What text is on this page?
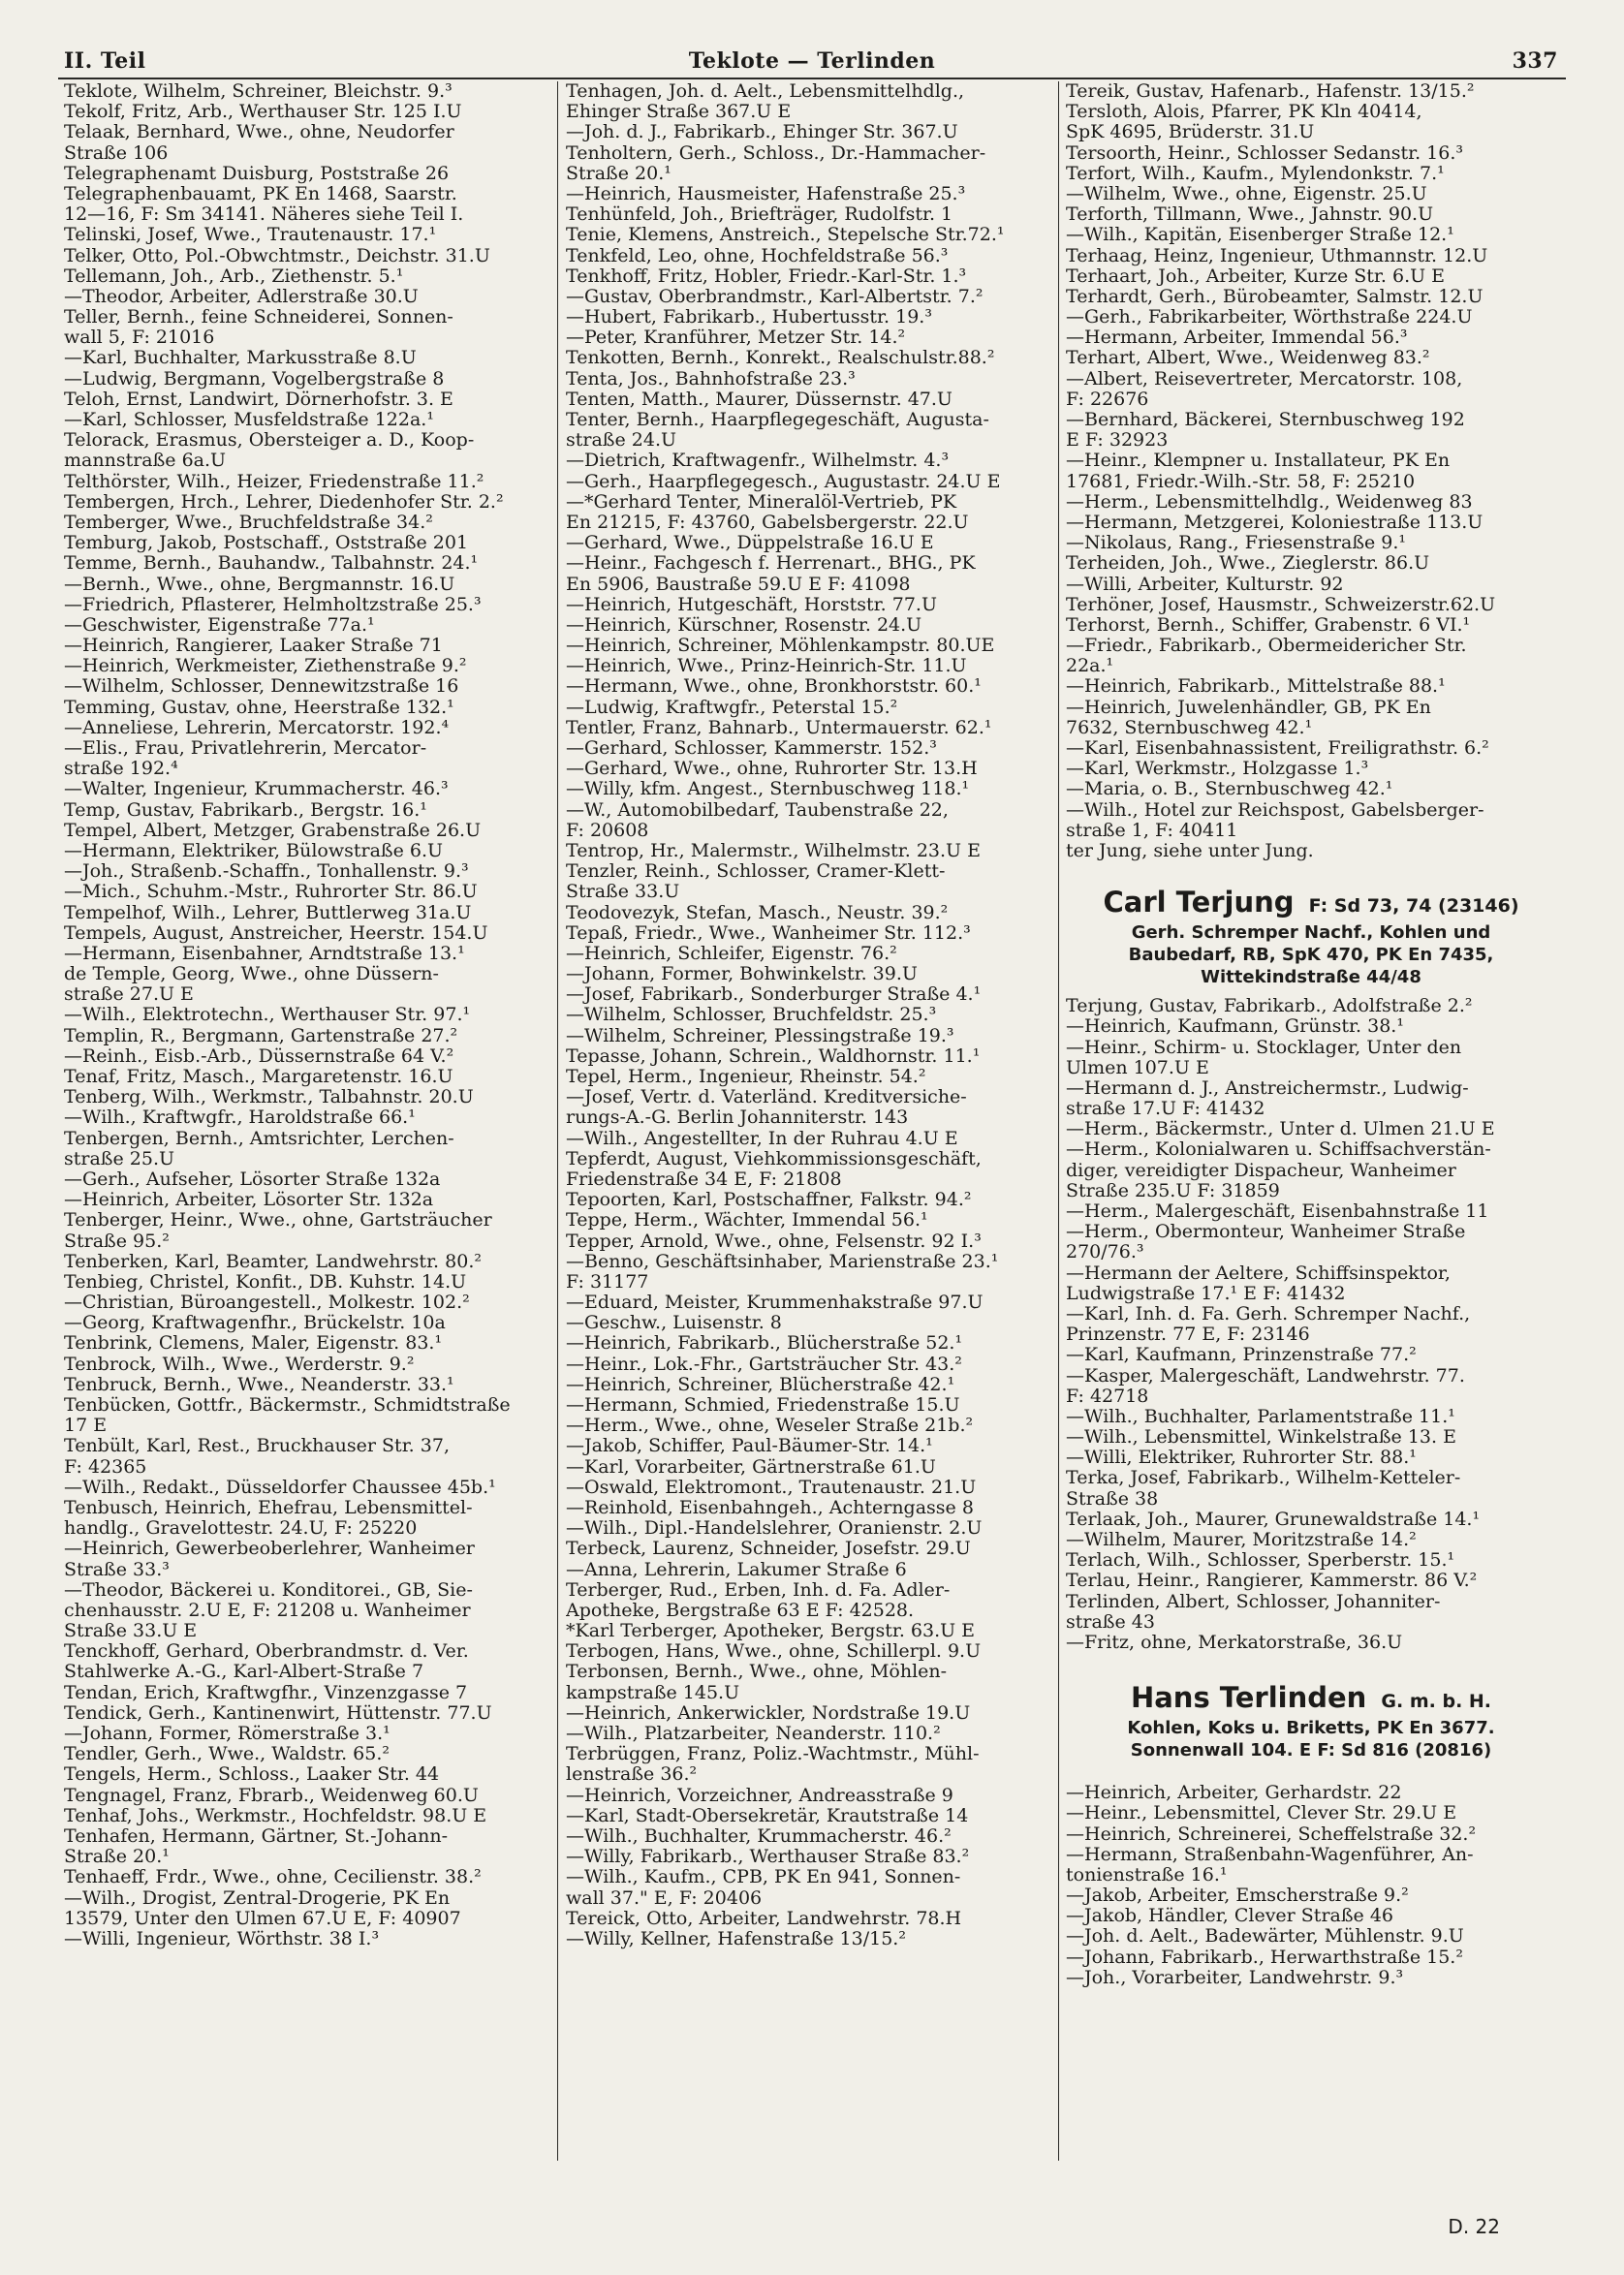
II. Teil	Teklote — Terlinden	337
Teklote, Wilhelm, Schreiner, Bleichstr. 9.³
Tekolf, Fritz, Arb., Werthauser Str. 125 I.U
Telaak, Bernhard, Wwe., ohne, Neudorfer
Straße 106
Telegraphenamt Duisburg, Poststraße 26
Telegraphenbauamt, PK En 1468, Saarstr.
12—16, F: Sm 34141. Näheres siehe Teil I.
Telinski, Josef, Wwe., Trautenaustr. 17.¹
Telker, Otto, Pol.-Obwchtmstr., Deichstr. 31.U
Tellemann, Joh., Arb., Ziethenstr. 5.¹
—Theodor, Arbeiter, Adlerstraße 30.U
Teller, Bernh., feine Schneiderei, Sonnen-
wall 5, F: 21016
—Karl, Buchhalter, Markusstraße 8.U
—Ludwig, Bergmann, Vogelbergstraße 8
Teloh, Ernst, Landwirt, Dörnerhofstr. 3. E
—Karl, Schlosser, Musfeldstraße 122a.¹
Telorack, Erasmus, Obersteiger a. D., Koop-
mannstraße 6a.U
Telthörster, Wilh., Heizer, Friedenstraße 11.²
Tembergen, Hrch., Lehrer, Diedenhofer Str. 2.²
Temberger, Wwe., Bruchfeldstraße 34.²
Temburg, Jakob, Postschaff., Oststraße 201
Temme, Bernh., Bauhandw., Talbahnstr. 24.¹
—Bernh., Wwe., ohne, Bergmannstr. 16.U
—Friedrich, Pflasterer, Helmholtzstraße 25.³
—Geschwister, Eigenstraße 77a.¹
—Heinrich, Rangierer, Laaker Straße 71
—Heinrich, Werkmeister, Ziethenstraße 9.²
—Wilhelm, Schlosser, Dennewitzstraße 16
Temming, Gustav, ohne, Heerstraße 132.¹
—Anneliese, Lehrerin, Mercatorstr. 192.⁴
—Elis., Frau, Privatlehrerin, Mercator-
straße 192.⁴
—Walter, Ingenieur, Krummacherstr. 46.³
Temp, Gustav, Fabrikarb., Bergstr. 16.¹
Tempel, Albert, Metzger, Grabenstraße 26.U
—Hermann, Elektriker, Bülowstraße 6.U
—Joh., Straßenb.-Schaffn., Tonhallenstr. 9.³
—Mich., Schuhm.-Mstr., Ruhrorter Str. 86.U
Tempelhof, Wilh., Lehrer, Buttlerweg 31a.U
Tempels, August, Anstreicher, Heerstr. 154.U
—Hermann, Eisenbahner, Arndtstraße 13.¹
de Temple, Georg, Wwe., ohne Düssern-
straße 27.U E
—Wilh., Elektrotechn., Werthauser Str. 97.¹
Templin, R., Bergmann, Gartenstraße 27.²
—Reinh., Eisb.-Arb., Düssernstraße 64 V.²
Tenaf, Fritz, Masch., Margaretenstr. 16.U
Tenberg, Wilh., Werkmstr., Talbahnstr. 20.U
—Wilh., Kraftwgfr., Haroldstraße 66.¹
Tenbergen, Bernh., Amtsrichter, Lerchen-
straße 25.U
—Gerh., Aufseher, Lösorter Straße 132a
—Heinrich, Arbeiter, Lösorter Str. 132a
Tenberger, Heinr., Wwe., ohne, Gartsträucher
Straße 95.²
Tenberken, Karl, Beamter, Landwehrstr. 80.²
Tenbieg, Christel, Konfit., DB. Kuhstr. 14.U
—Christian, Büroangestell., Molkestr. 102.²
—Georg, Kraftwagenfhr., Brückelstr. 10a
Tenbrink, Clemens, Maler, Eigenstr. 83.¹
Tenbrock, Wilh., Wwe., Werderstr. 9.²
Tenbruck, Bernh., Wwe., Neanderstr. 33.¹
Tenbücken, Gottfr., Bäckermstr., Schmidtstraße
17 E
Tenbült, Karl, Rest., Bruckhauser Str. 37,
F: 42365
—Wilh., Redakt., Düsseldorfer Chaussee 45b.¹
Tenbusch, Heinrich, Ehefrau, Lebensmittel-
handlg., Gravelottestr. 24.U, F: 25220
—Heinrich, Gewerbeoberlehrer, Wanheimer
Straße 33.³
—Theodor, Bäckerei u. Konditorei., GB, Sie-
chenhausstr. 2.U E, F: 21208 u. Wanheimer
Straße 33.U E
Tenckhoff, Gerhard, Oberbrandmstr. d. Ver.
Stahlwerke A.-G., Karl-Albert-Straße 7
Tendan, Erich, Kraftwgfhr., Vinzenzgasse 7
Tendick, Gerh., Kantinenwirt, Hüttenstr. 77.U
—Johann, Former, Römerstraße 3.¹
Tendler, Gerh., Wwe., Waldstr. 65.²
Tengels, Herm., Schloss., Laaker Str. 44
Tengnagel, Franz, Fbrarb., Weidenweg 60.U
Tenhaf, Johs., Werkmstr., Hochfeldstr. 98.U E
Tenhafen, Hermann, Gärtner, St.-Johann-
Straße 20.¹
Tenhaeff, Frdr., Wwe., ohne, Cecilienstr. 38.²
—Wilh., Drogist, Zentral-Drogerie, PK En
13579, Unter den Ulmen 67.U E, F: 40907
—Willi, Ingenieur, Wörthstr. 38 I.³
Tenhagen, Joh. d. Aelt., Lebensmittelhdlg.,
Ehinger Straße 367.U E
—Joh. d. J., Fabrikarb., Ehinger Str. 367.U
Tenholtern, Gerh., Schloss., Dr.-Hammacher-
Straße 20.¹
—Heinrich, Hausmeister, Hafenstraße 25.³
Tenhünfeld, Joh., Briefträger, Rudolfstr. 1
Tenie, Klemens, Anstreich., Stepelsche Str.72.¹
Tenkfeld, Leo, ohne, Hochfeldstraße 56.³
Tenkhoff, Fritz, Hobler, Friedr.-Karl-Str. 1.³
—Gustav, Oberbrandmstr., Karl-Albertstr. 7.²
—Hubert, Fabrikarb., Hubertusstr. 19.³
—Peter, Kranführer, Metzer Str. 14.²
Tenkotten, Bernh., Konrekt., Realschulstr.88.²
Tenta, Jos., Bahnhofstraße 23.³
Tenten, Matth., Maurer, Düssernstr. 47.U
Tenter, Bernh., Haarpflegegeschäft, Augusta-
straße 24.U
—Dietrich, Kraftwagenfr., Wilhelmstr. 4.³
—Gerh., Haarpflegegesch., Augustastr. 24.U E
—*Gerhard Tenter, Mineralöl-Vertrieb, PK
En 21215, F: 43760, Gabelsbergerstr. 22.U
—Gerhard, Wwe., Düppelstraße 16.U E
—Heinr., Fachgesch f. Herrenart., BHG., PK
En 5906, Baustraße 59.U E F: 41098
—Heinrich, Hutgeschäft, Horststr. 77.U
—Heinrich, Kürschner, Rosenstr. 24.U
—Heinrich, Schreiner, Möhlenkampstr. 80.UE
—Heinrich, Wwe., Prinz-Heinrich-Str. 11.U
—Hermann, Wwe., ohne, Bronkhorststr. 60.¹
—Ludwig, Kraftwgfr., Peterstal 15.²
Tentler, Franz, Bahnarb., Untermauerstr. 62.¹
—Gerhard, Schlosser, Kammerstr. 152.³
—Gerhard, Wwe., ohne, Ruhrorter Str. 13.H
—Willy, kfm. Angest., Sternbuschweg 118.¹
—W., Automobilbedarf, Taubenstraße 22,
F: 20608
Tentrop, Hr., Malermstr., Wilhelmstr. 23.U E
Tenzler, Reinh., Schlosser, Cramer-Klett-
Straße 33.U
Teodovezyk, Stefan, Masch., Neustr. 39.²
Tepaß, Friedr., Wwe., Wanheimer Str. 112.³
—Heinrich, Schleifer, Eigenstr. 76.²
—Johann, Former, Bohwinkelstr. 39.U
—Josef, Fabrikarb., Sonderburger Straße 4.¹
—Wilhelm, Schlosser, Bruchfeldstr. 25.³
—Wilhelm, Schreiner, Plessingstraße 19.³
Tepasse, Johann, Schrein., Waldhornstr. 11.¹
Tepel, Herm., Ingenieur, Rheinstr. 54.²
—Josef, Vertr. d. Vaterländ. Kreditversiche-
rungs-A.-G. Berlin Johanniterstr. 143
—Wilh., Angestellter, In der Ruhrau 4.U E
Tepferdt, August, Viehkommissionsgeschäft,
Friedenstraße 34 E, F: 21808
Tepoorten, Karl, Postschaffner, Falkstr. 94.²
Teppe, Herm., Wächter, Immendal 56.¹
Tepper, Arnold, Wwe., ohne, Felsenstr. 92 I.³
—Benno, Geschäftsinhaber, Marienstraße 23.¹
F: 31177
—Eduard, Meister, Krummenhakstraße 97.U
—Geschw., Luisenstr. 8
—Heinrich, Fabrikarb., Blücherstraße 52.¹
—Heinr., Lok.-Fhr., Gartsträucher Str. 43.²
—Heinrich, Schreiner, Blücherstraße 42.¹
—Hermann, Schmied, Friedenstraße 15.U
—Herm., Wwe., ohne, Weseler Straße 21b.²
—Jakob, Schiffer, Paul-Bäumer-Str. 14.¹
—Karl, Vorarbeiter, Gärtnerstraße 61.U
—Oswald, Elektromont., Trautenaustr. 21.U
—Reinhold, Eisenbahngeh., Achterngasse 8
—Wilh., Dipl.-Handelslehrer, Oranienstr. 2.U
Terbeck, Laurenz, Schneider, Josefstr. 29.U
—Anna, Lehrerin, Lakumer Straße 6
Terberger, Rud., Erben, Inh. d. Fa. Adler-
Apotheke, Bergstraße 63 E F: 42528.
*Karl Terberger, Apotheker, Bergstr. 63.U E
Terbogen, Hans, Wwe., ohne, Schillerpl. 9.U
Terbonsen, Bernh., Wwe., ohne, Möhlen-
kampstraße 145.U
—Heinrich, Ankerwickler, Nordstraße 19.U
—Wilh., Platzarbeiter, Neanderstr. 110.²
Terbrüggen, Franz, Poliz.-Wachtmstr., Mühl-
lenstraße 36.²
—Heinrich, Vorzeichner, Andreasstraße 9
—Karl, Stadt-Obersekretär, Krautstraße 14
—Wilh., Buchhalter, Krummacherstr. 46.²
—Willy, Fabrikarb., Werthauser Straße 83.²
—Wilh., Kaufm., CPB, PK En 941, Sonnen-
wall 37." E, F: 20406
Tereick, Otto, Arbeiter, Landwehrstr. 78.H
—Willy, Kellner, Hafenstraße 13/15.²
Tereik, Gustav, Hafenarb., Hafenstr. 13/15.²
Tersloth, Alois, Pfarrer, PK Kln 40414,
SpK 4695, Brüderstr. 31.U
Tersoorth, Heinr., Schlosser Sedanstr. 16.³
Terfort, Wilh., Kaufm., Mylendonkstr. 7.¹
—Wilhelm, Wwe., ohne, Eigenstr. 25.U
Terforth, Tillmann, Wwe., Jahnstr. 90.U
—Wilh., Kapitän, Eisenberger Straße 12.¹
Terhaag, Heinz, Ingenieur, Uthmannstr. 12.U
Terhaart, Joh., Arbeiter, Kurze Str. 6.U E
Terhardt, Gerh., Bürobeamter, Salmstr. 12.U
—Gerh., Fabrikarbeiter, Wörthstraße 224.U
—Hermann, Arbeiter, Immendal 56.³
Terhart, Albert, Wwe., Weidenweg 83.²
—Albert, Reisevertreter, Mercatorstr. 108,
F: 22676
—Bernhard, Bäckerei, Sternbuschweg 192
E F: 32923
—Heinr., Klempner u. Installateur, PK En
17681, Friedr.-Wilh.-Str. 58, F: 25210
—Herm., Lebensmittelhdlg., Weidenweg 83
—Hermann, Metzgerei, Koloniestraße 113.U
—Nikolaus, Rang., Friesenstraße 9.¹
Terheiden, Joh., Wwe., Zieglerstr. 86.U
—Willi, Arbeiter, Kulturstr. 92
Terhöner, Josef, Hausmstr., Schweizerstr.62.U
Terhorst, Bernh., Schiffer, Grabenstr. 6 VI.¹
—Friedr., Fabrikarb., Obermeidericher Str.
22a.¹
—Heinrich, Fabrikarb., Mittelstraße 88.¹
—Heinrich, Juwelenhändler, GB, PK En
7632, Sternbuschweg 42.¹
—Karl, Eisenbahnassistent, Freiligrathstr. 6.²
—Karl, Werkmstr., Holzgasse 1.³
—Maria, o. B., Sternbuschweg 42.¹
—Wilh., Hotel zur Reichspost, Gabelsberger-
straße 1, F: 40411
ter Jung, siehe unter Jung.
Carl Terjung F: Sd 73, 74 (23146)
Gerh. Schremper Nachf., Kohlen und
Baubedarf, RB, SpK 470, PK En 7435,
Wittekindstraße 44/48
Terjung, Gustav, Fabrikarb., Adolfstraße 2.²
—Heinrich, Kaufmann, Grünstr. 38.¹
—Heinr., Schirm- u. Stocklager, Unter den
Ulmen 107.U E
—Hermann d. J., Anstreichermstr., Ludwig-
straße 17.U F: 41432
—Herm., Bäckermstr., Unter d. Ulmen 21.U E
—Herm., Kolonialwaren u. Schiffsachverstän-
diger, vereidigter Dispacheur, Wanheimer
Straße 235.U F: 31859
—Herm., Malergeschäft, Eisenbahnstraße 11
—Herm., Obermonteur, Wanheimer Straße
270/76.³
—Hermann der Aeltere, Schiffsinspektor,
Ludwigstraße 17.¹ E F: 41432
—Karl, Inh. d. Fa. Gerh. Schremper Nachf.,
Prinzenstr. 77 E, F: 23146
—Karl, Kaufmann, Prinzenstraße 77.²
—Kasper, Malergeschäft, Landwehrstr. 77.
F: 42718
—Wilh., Buchhalter, Parlamentstraße 11.¹
—Wilh., Lebensmittel, Winkelstraße 13. E
—Willi, Elektriker, Ruhrorter Str. 88.¹
Terka, Josef, Fabrikarb., Wilhelm-Ketteler-
Straße 38
Terlaak, Joh., Maurer, Grunewaldstraße 14.¹
—Wilhelm, Maurer, Moritzstraße 14.²
Terlach, Wilh., Schlosser, Sperberstr. 15.¹
Terlau, Heinr., Rangierer, Kammerstr. 86 V.²
Terlinden, Albert, Schlosser, Johanniter-
straße 43
—Fritz, ohne, Merkatorstraße, 36.U
Hans Terlinden G. m. b. H.
Kohlen, Koks u. Briketts, PK En 3677.
Sonnenwall 104. E F: Sd 816 (20816)
—Heinrich, Arbeiter, Gerhardstr. 22
—Heinr., Lebensmittel, Clever Str. 29.U E
—Heinrich, Schreinerei, Scheffelstraße 32.²
—Hermann, Straßenbahn-Wagenführer, An-
tonienstraße 16.¹
—Jakob, Arbeiter, Emscherstraße 9.²
—Jakob, Händler, Clever Straße 46
—Joh. d. Aelt., Badewärter, Mühlenstr. 9.U
—Johann, Fabrikarb., Herwarthstraße 15.²
—Joh., Vorarbeiter, Landwehrstr. 9.³
D. 22
